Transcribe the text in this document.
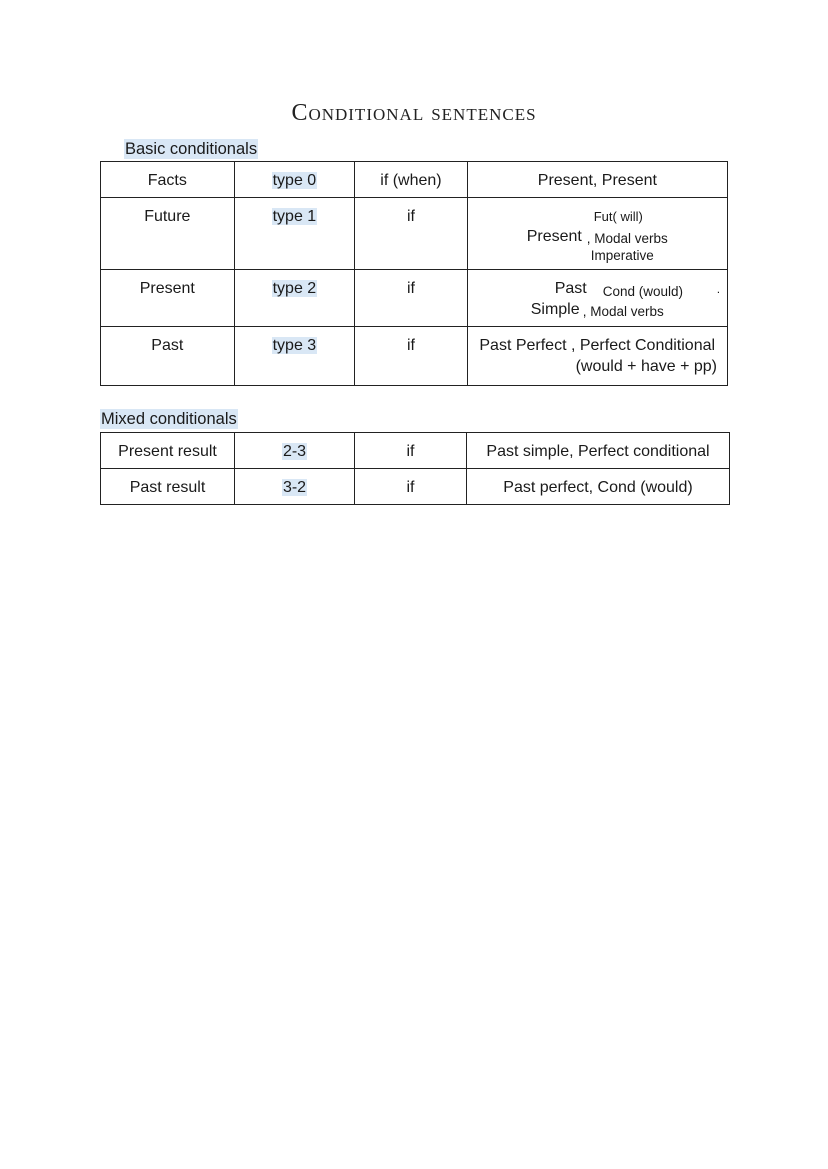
Conditional sentences
Basic conditionals
Facts	type 0	if (when)	Present, Present

Future	type 1	if	Fut( will)
Present , Modal verbs
Imperative

Present	type 2	if	Past Cond (would) .
Simple , Modal verbs

Past	type 3	if	Past Perfect , Perfect Conditional
(would + have + pp)
Mixed conditionals
Present result	2-3	if	Past simple, Perfect conditional

Past result	3-2	if	Past perfect, Cond (would)
